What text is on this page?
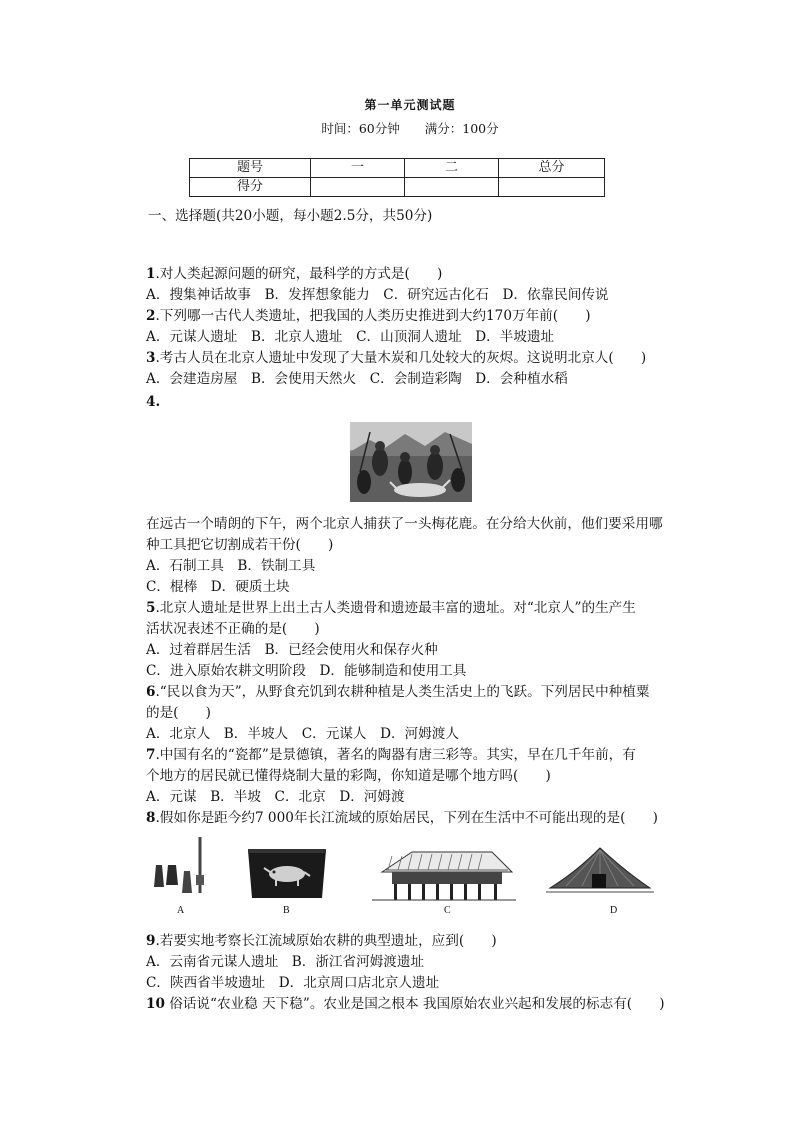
第一单元测试题
时间：60分钟　　满分：100分
题号	一	二	总分
得分			
一、选择题(共20小题，每小题2.5分，共50分)
1.对人类起源问题的研究，最科学的方式是(　　)
A．搜集神话故事　B．发挥想象能力　C．研究远古化石　D．依靠民间传说
2.下列哪一古代人类遗址，把我国的人类历史推进到大约170万年前(　　)
A．元谋人遗址　B．北京人遗址　C．山顶洞人遗址　D．半坡遗址
3.考古人员在北京人遗址中发现了大量木炭和几处较大的灰烬。这说明北京人(　　)
A．会建造房屋　B．会使用天然火　C．会制造彩陶　D．会种植水稻
4.
在远古一个晴朗的下午，两个北京人捕获了一头梅花鹿。在分给大伙前，他们要采用哪
种工具把它切割成若干份(　　)
A．石制工具　B．铁制工具
C．棍棒　D．硬质土块
5.北京人遗址是世界上出土古人类遗骨和遗迹最丰富的遗址。对“北京人”的生产生
活状况表述不正确的是(　　)
A．过着群居生活　B．已经会使用火和保存火种
C．进入原始农耕文明阶段　D．能够制造和使用工具
6.“民以食为天”，从野食充饥到农耕种植是人类生活史上的飞跃。下列居民中种植粟
的是(　　)
A．北京人　B．半坡人　C．元谋人　D．河姆渡人
7.中国有名的“瓷都”是景德镇，著名的陶器有唐三彩等。其实，早在几千年前，有
个地方的居民就已懂得烧制大量的彩陶，你知道是哪个地方吗(　　)
A．元谋　B．半坡　C．北京　D．河姆渡
8.假如你是距今约7 000年长江流域的原始居民，下列在生活中不可能出现的是(　　)
A	B	C	D
9.若要实地考察长江流域原始农耕的典型遗址，应到(　　)
A．云南省元谋人遗址　B．浙江省河姆渡遗址
C．陕西省半坡遗址　D．北京周口店北京人遗址
10 俗话说“农业稳 天下稳”。农业是国之根本 我国原始农业兴起和发展的标志有(　　)
